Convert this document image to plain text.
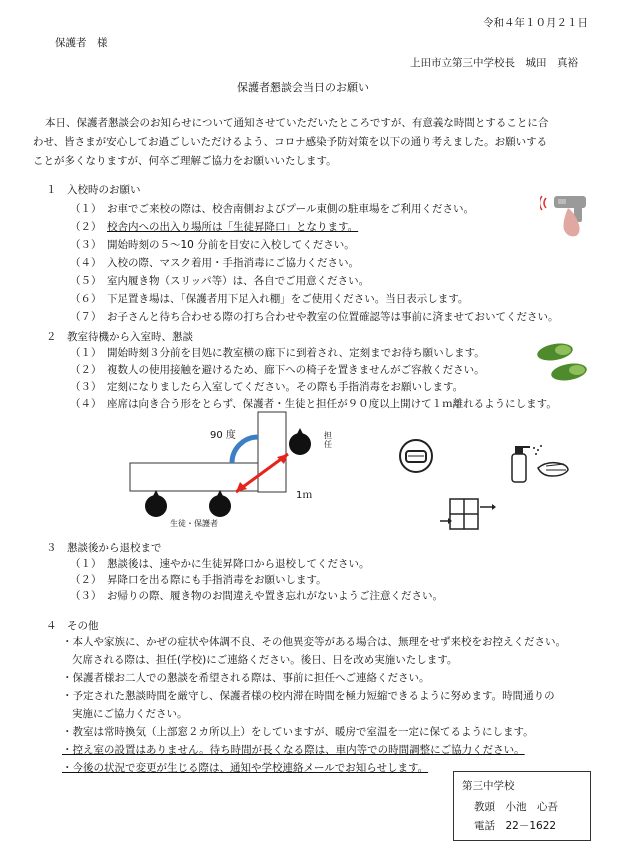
令和４年１０月２１日
保護者　様
上田市立第三中学校長　城田　真裕
保護者懇談会当日のお願い
本日、保護者懇談会のお知らせについて通知させていただいたところですが、有意義な時間とすることに合
わせ、皆さまが安心してお過ごしいただけるよう、コロナ感染予防対策を以下の通り考えました。お願いする
ことが多くなりますが、何卒ご理解ご協力をお願いいたします。
１　入校時のお願い
（１） お車でご来校の際は、校舎南側およびプール東側の駐車場をご利用ください。
（２） 校舎内への出入り場所は「生徒昇降口」となります。
（３） 開始時刻の５～10 分前を目安に入校してください。
（４） 入校の際、マスク着用・手指消毒にご協力ください。
（５） 室内履き物（スリッパ等）は、各自でご用意ください。
（６） 下足置き場は、「保護者用下足入れ棚」をご使用ください。当日表示します。
（７） お子さんと待ち合わせる際の打ち合わせや教室の位置確認等は事前に済ませておいてください。
２　教室待機から入室時、懇談
（１） 開始時刻３分前を目処に教室横の廊下に到着され、定刻までお待ち願いします。
（２） 複数人の使用接触を避けるため、廊下への椅子を置きませんがご容赦ください。
（３） 定刻になりましたら入室してください。その際も手指消毒をお願いします。
（４） 座席は向き合う形をとらず、保護者・生徒と担任が９０度以上開けて１ｍ離れるようにします。
90 度	担
任
1ｍ
生徒・保護者
３　懇談後から退校まで
（１） 懇談後は、速やかに生徒昇降口から退校してください。
（２） 昇降口を出る際にも手指消毒をお願いします。
（３） お帰りの際、履き物のお間違えや置き忘れがないようご注意ください。
４　その他
・本人や家族に、かぜの症状や体調不良、その他異変等がある場合は、無理をせず来校をお控えください。
欠席される際は、担任(学校)にご連絡ください。後日、日を改め実施いたします。
・保護者様お二人での懇談を希望される際は、事前に担任へご連絡ください。
・予定された懇談時間を厳守し、保護者様の校内滞在時間を極力短縮できるように努めます。時間通りの
実施にご協力ください。
・教室は常時換気（上部窓２カ所以上）をしていますが、暖房で室温を一定に保てるようにします。
・控え室の設置はありません。待ち時間が長くなる際は、車内等での時間調整にご協力ください。
・今後の状況で変更が生じる際は、通知や学校連絡メールでお知らせします。
第三中学校
教頭　小池　心吾
電話　22－1622
